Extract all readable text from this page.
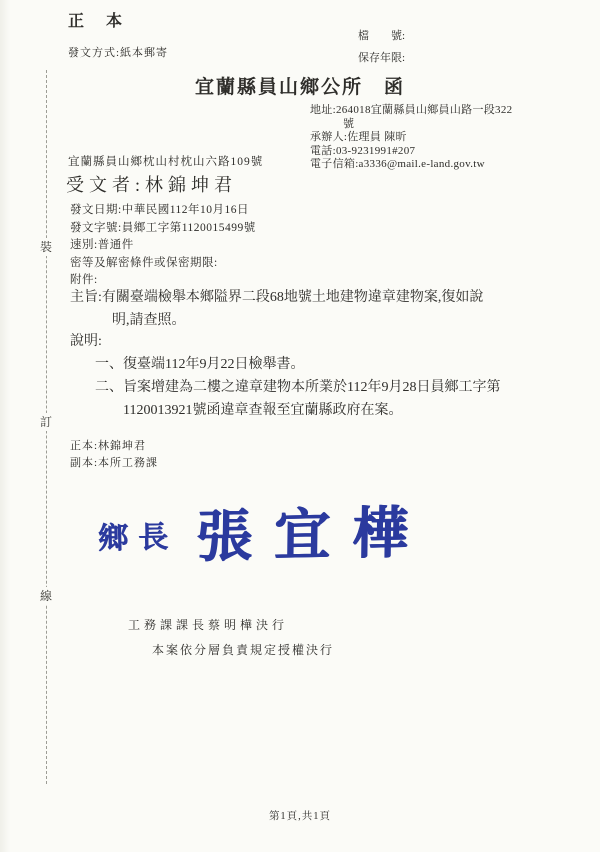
正　本
發文方式:紙本郵寄
檔　　號:
保存年限:
宜蘭縣員山鄉公所　函
地址:264018宜蘭縣員山鄉員山路一段322號
承辦人:佐理員 陳昕
電話:03-9231991#207
電子信箱:a3336@mail.e-land.gov.tw
宜蘭縣員山鄉枕山村枕山六路109號
受文者:林錦坤君
發文日期:中華民國112年10月16日
發文字號:員鄉工字第1120015499號
速別:普通件
密等及解密條件或保密期限:
附件:
主旨:有關臺端檢舉本鄉隘界二段68地號土地建物違章建物案,復如說明,請查照。
說明:
一、復臺端112年9月22日檢舉書。
二、旨案增建為二樓之違章建物本所業於112年9月28日員鄉工字第1120013921號函違章查報至宜蘭縣政府在案。
正本:林錦坤君
副本:本所工務課
鄉長 張宜樺
工務課課長蔡明樺決行
本案依分層負責規定授權決行
裝
訂
線
第1頁,共1頁
